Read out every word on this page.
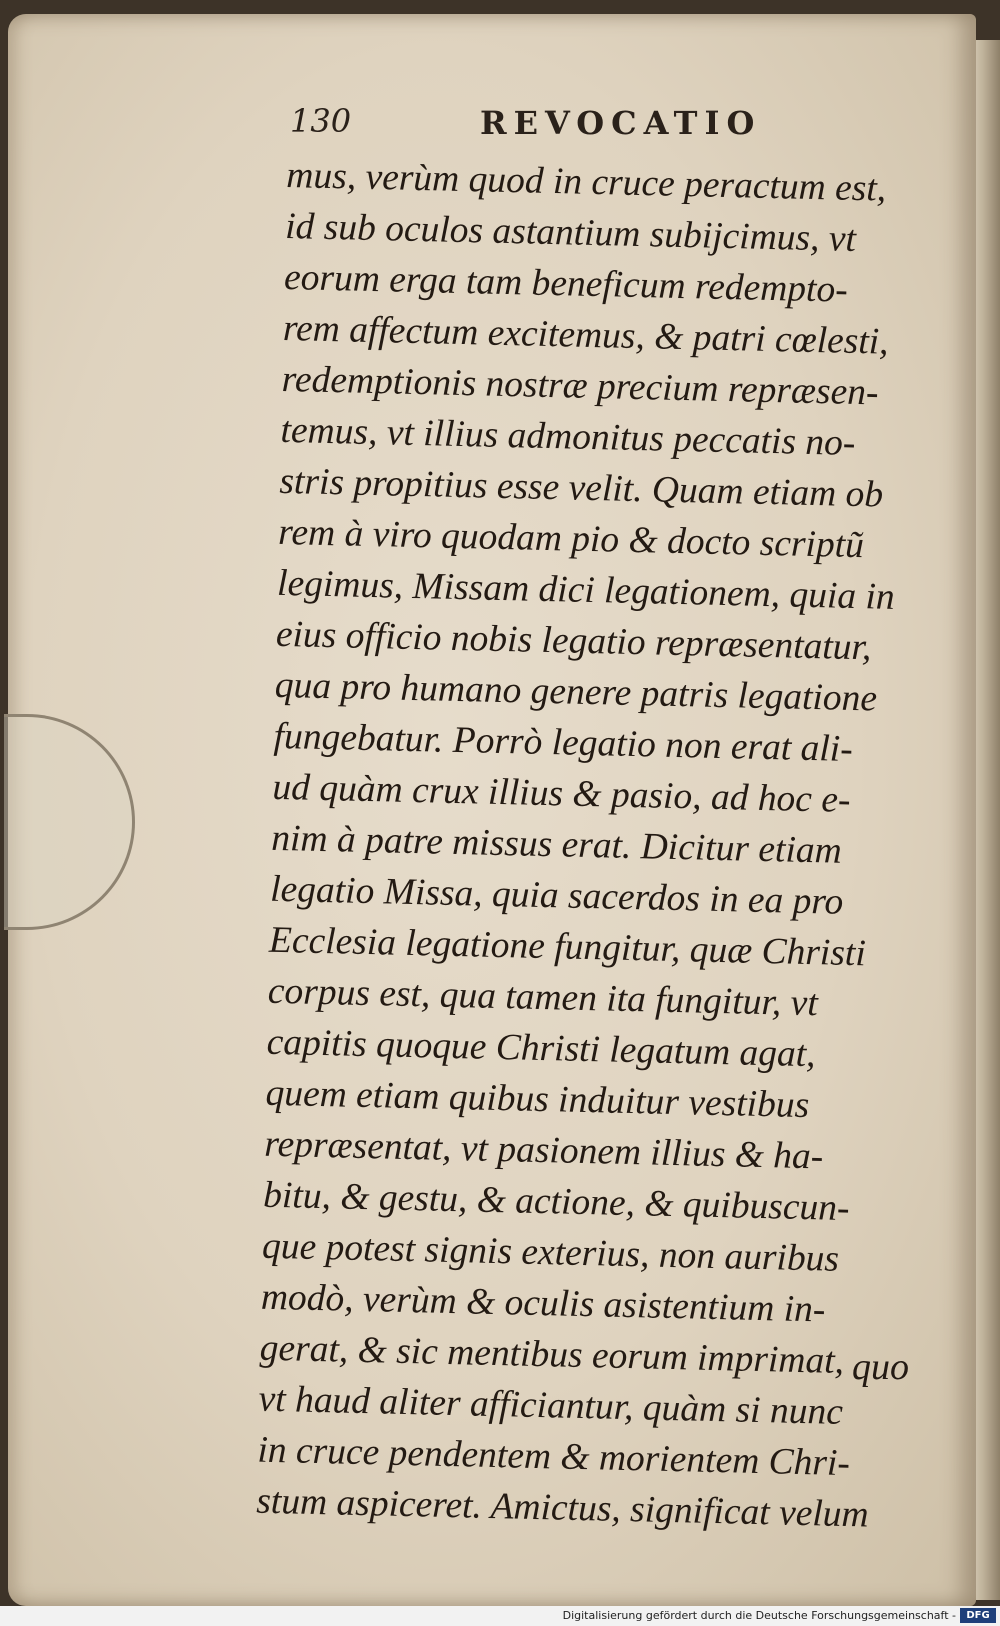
130	REVOCATIO
mus, verùm quod in cruce peractum est,
id sub oculos astantium subijcimus, vt
eorum erga tam beneficum redempto-
rem affectum excitemus, & patri cœlesti,
redemptionis nostræ precium repræsen-
temus, vt illius admonitus peccatis no-
stris propitius esse velit. Quam etiam ob
rem à viro quodam pio & docto scriptũ
legimus, Missam dici legationem, quia in
eius officio nobis legatio repræsentatur,
qua pro humano genere patris legatione
fungebatur. Porrò legatio non erat ali-
ud quàm crux illius & pasio, ad hoc e-
nim à patre missus erat. Dicitur etiam
legatio Missa, quia sacerdos in ea pro
Ecclesia legatione fungitur, quæ Christi
corpus est, qua tamen ita fungitur, vt
capitis quoque Christi legatum agat,
quem etiam quibus induitur vestibus
repræsentat, vt pasionem illius & ha-
bitu, & gestu, & actione, & quibuscun-
que potest signis exterius, non auribus
modò, verùm & oculis asistentium in-
gerat, & sic mentibus eorum imprimat,
vt haud aliter afficiantur, quàm si nunc
in cruce pendentem & morientem Chri-
stum aspiceret. Amictus, significat velum
quo
Digitalisierung gefördert durch die Deutsche Forschungsgemeinschaft -	DFG
